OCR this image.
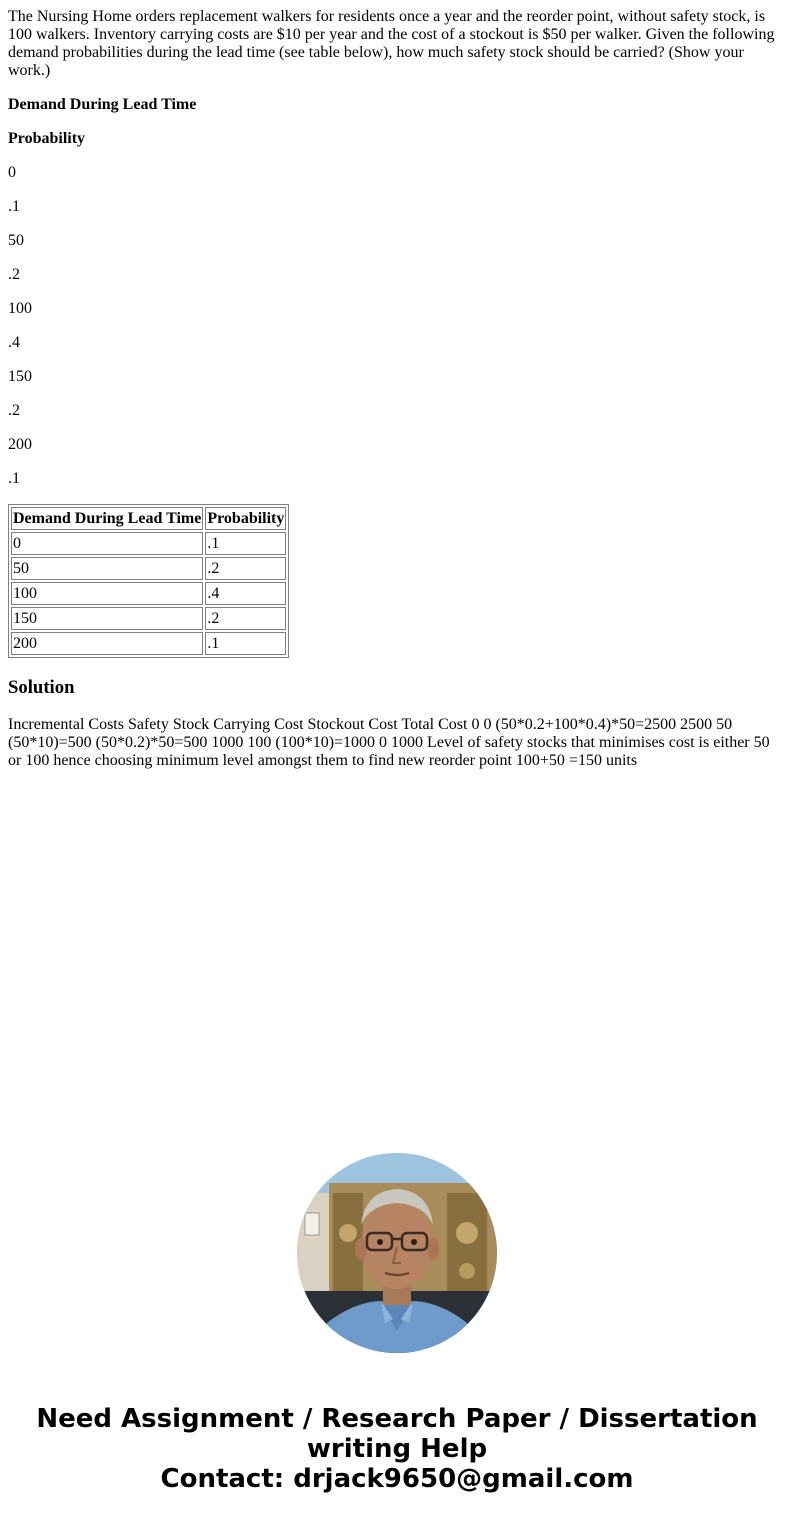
The Nursing Home orders replacement walkers for residents once a year and the reorder point, without safety stock, is 100 walkers. Inventory carrying costs are $10 per year and the cost of a stockout is $50 per walker. Given the following demand probabilities during the lead time (see table below), how much safety stock should be carried? (Show your work.)

Demand During Lead Time

Probability

0

.1

50

.2

100

.4

150

.2

200

.1

Demand During Lead Time	Probability
0	.1
50	.2
100	.4
150	.2
200	.1
Solution

Incremental Costs Safety Stock Carrying Cost Stockout Cost Total Cost 0 0 (50*0.2+100*0.4)*50=2500 2500 50 (50*10)=500 (50*0.2)*50=500 1000 100 (100*10)=1000 0 1000 Level of safety stocks that minimises cost is either 50 or 100 hence choosing minimum level amongst them to find new reorder point 100+50 =150 units

Need Assignment / Research Paper / Dissertation
writing Help
Contact: drjack9650@gmail.com
